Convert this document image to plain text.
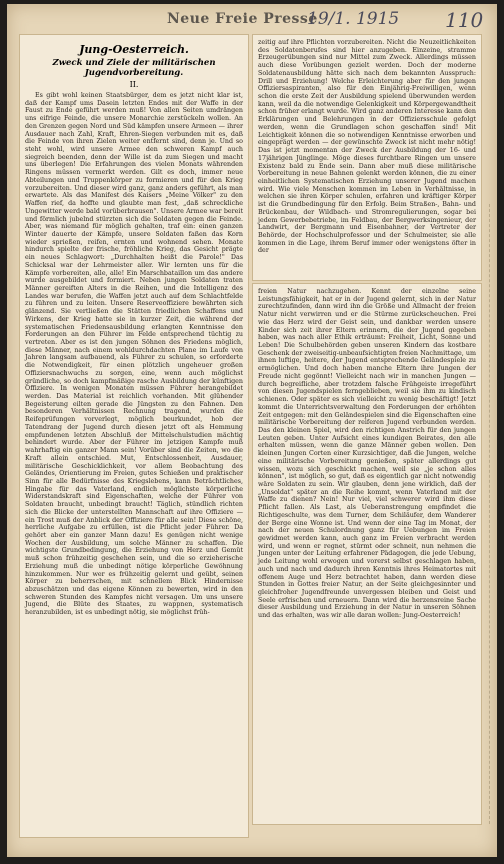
Neue Freie Presse
19/1. 1915 110
Jung-Oesterreich.
Zweck und Ziele der militärischen Jugendvorbereitung.
II.

Es gibt wohl keinen Staatsbürger, dem es jetzt nicht klar ist, daß der Kampf ums Dasein letzten Endes mit der Waffe in der Faust zu Ende geführt werden muß! Von allen Seiten umdrängen uns eifrige Feinde, die unsere Monarchie zerstückeln wollen. An den Grenzen gegen Nord und Süd kämpfen unsere Armeen — ihrer Ausdauer nach Zahl, Kraft, Ehren-Siegen verbunden mit es, daß die Feinde von ihren Zielen weiter entfernt sind, denn je. Und so steht wohl, wird unsere Armee den schweren Kampf auch siegreich beenden, denn der Wille ist da zum Siegen und macht uns überlegen! Die Erfahrungen des vielen Monats währenden Ringens müssen vermerkt werden. Gilt es doch, immer neue Abteilungen und Truppenkörper zu formieren und für den Krieg vorzubereiten. Und dieser wird ganz, ganz anders geführt, als man erwartete. Als das Manifest des Kaisers „Meine Völker" zu den Waffen rief, da hoffte und glaubte man fest, „daß schreckliche Ungewitter werde bald vorüberbrausen". Unsere Armee war bereit und förmlich jubelnd stürzten sich die Soldaten gegen die Feinde. Aber, was niemand für möglich gehalten, traf ein: einen ganzen Winter dauerte der Kämpfe, unsere Soldaten faßen das Korn wieder sprießen, reifen, ernten und wohnend sehen. Monate hindurch spielte der frische, fröhliche Krieg, das Gesicht prägte ein neues Schlagwort: „Durchhalten heißt die Parole!" Das Schicksal war der Lehrmeister aller. Wir lernten uns für die Kämpfe vorbereiten, alle, alle! Ein Marschbataillon um das andere wurde ausgebildet und formiert. Neben jungen Soldaten traten Männer gereiften Alters in die Reihen, und die Intelligenz des Landes war berufen, die Waffen jetzt auch auf dem Schlachtfelde zu führen und zu leiten. Unsere Reserveoffiziere bewährten sich glänzend. Sie vertließen die Stätten friedlichen Schaffens und Wirkens, der Krieg hatte sie in kurzer Zeit, die während der systematischen Friedensausbildung erlangten Kenntnisse den Forderungen an den Führer im Felde entsprechend tüchtig zu vertreten. Aber es ist den jungen Söhnen des Friedens möglich, diese Männer, nach einem wohldurchdachten Plane im Laufe von Jahren langsam aufbauend, als Führer zu schulen, so erforderte die Notwendigkeit, für einen plötzlich ungeheuer großen Offiziersnachwuchs zu sorgen, eine, wenn auch möglichst gründliche, so doch kampfmäßige rasche Ausbildung der künftigen Offiziere. In wenigen Monaten müssen Führer herangebildet werden. Das Material ist reichlich vorhanden. Mit glühender Begeisterung eilten gerade die Jüngsten zu den Fahnen. Den besonderen Verhältnissen Rechnung tragend, wurden die Reifeprüfungen vorverlegt, möglich beurkundet, hob der Tatendrang der Jugend durch diesen jetzt oft als Hemmung empfundenen letzten Abschluß der Mittelschulstudien mächtig behindert wurde. Aber der Führer im jetzigen Kampfe muß wahrhaftig ein ganzer Mann sein! Vorüber sind die Zeiten, wo die Kraft allein entschied. Mut, Entschlossenheit, Ausdauer, militärische Geschicklichkeit, vor allem Beobachtung des Geländes, Orientierung im Freien, gutes Schießen und praktischer Sinn für alle Bedürfnisse des Kriegslebens, kann Beträchtliches, Hingabe für das Vaterland, endlich möglichste körperliche Widerstandskraft sind Eigenschaften, welche der Führer von Soldaten braucht, unbedingt braucht! Täglich, stündlich richten sich die Blicke der unterstellten Mannschaft auf ihre Offiziere — ein Trost muß der Anblick der Offiziere für alle sein! Diese schöne, herrliche Aufgabe zu erfüllen, ist die Pflicht jeder Führer. Da gehört aber ein ganzer Mann dazu! Es genügen nicht wenige Wochen der Ausbildung, um solche Männer zu schaffen. Die wichtigste Grundbedingung, die Erziehung von Herz und Gemüt muß schon frühzeitig geschehen sein, und die so erzieherische Erziehung muß die unbedingt nötige körperliche Gewöhnung hinzukommen. Nur wer es frühzeitig gelernt und geübt, seinen Körper zu beherrschen, mit schnellem Blick Hindernisse abzuschätzen und das eigene Können zu bewerten, wird in den schweren Stunden des Kampfes nicht versagen. Um uns unsere Jugend, die Blüte des Staates, zu wappnen, systematisch heranzubilden, ist es unbedingt nötig, sie möglichst früh-

zeitig auf ihre Pflichten vorzubereiten. Nicht die Neuzeitlichkeiten des Soldatenberufes sind hier anzugeben. Einzeine, stramme Erzeugerübungen sind nur Mittel zum Zweck. Allerdings müssen auch diese Vorübungen gezielt werden. Doch der moderne Soldatenausbildung hätte sich nach dem bekannten Ausspruch: Drill und Erziehung! Welche Erleichterung aber für den jungen Offiziersaspiranten, also für den Einjährig-Freiwilligen, wenn schon die erste Zeit der Ausbildung spielend überwunden werden kann, weil da die notwendige Gelenkigkeit und Körpergewandtheit schon früher erlangt wurde. Wird ganz anderen Interesse kann den Erklärungen und Belehrungen in der Offiziersschule gefolgt werden, wenn die Grundlagen schon geschaffen sind! Mit Leichtigkeit können die so notwendigen Kenntnisse erworben und eingeprägt werden — der gewünschte Zweck ist nicht mehr nötig! Das ist jetzt momentan der Zweck der Ausbildung der 16- und 17jährigen Jünglinge. Möge dieses furchtbare Ringen um unsere Existenz bald zu Ende sein. Dann aber muß diese militärische Vorbereitung in neue Bahnen gelenkt werden können, die zu einer einheitlichen Systematischen Erziehung unserer Jugend machen wird. Wie viele Menschen kommen im Leben in Verhältnisse, in welchen sie ihren Körper schulen, erfahren und kräftiger Körper ist die Grundbedingung für den Erfolg. Beim Straßen-, Bahn- und Brückenbau, der Wildbach- und Stromregulierungen, sogar bei jedem Gewerbebetriebe, im Feldbau, der Bergwerksingenieur, der Landwirt, der Bergmann und Eisenbahner, der Vertreter der Behörde, der Hochschulprofessor und der Schulmeister, sie alle kommen in die Lage, ihrem Beruf immer oder wenigstens öfter in der

freien Natur nachzugehen. Kennt der einzelne seine Leistungsfähigkeit, hat er in der Jugend gelernt, sich in der Natur zurechtzufinden, dann wird ihn die Größe und Allmacht der freien Natur nicht verwirren und er die Stürme zurückscheuchen. Frei wie das Herz wird der Geist sein, und dankbar werden unsere Kinder sich zeit ihrer Eltern erinnern, die der Jugend gegeben haben, was nach aller Ethik erträumt: Freiheit, Licht, Sonne und Leben! Die Schulbehörden geben unseren Kindern das kostbare Geschenk der zweiseitig-unbeaufsichtigten freien Nachmittage, um ihnen luftige, heitere, der Jugend entsprechende Geländespiele zu ermöglichen. Und doch haben manche Eltern ihre Jungen der Freude nicht gegönnt! Vielleicht nach wir in manchen Jungen — durch begreifliche, aber trotzdem falsche Frühgeiste irregeführt von diesen Jugendspielen ferngeblieben, weil sie ihm zu kindisch schienen. Oder später es sich vielleicht zu wenig beschäftigt! Jetzt kommt die Unterrichtsverwaltung den Forderungen der erhöhten Zeit entgegen: mit den Geländespielen sind die Eigenschaften eine militärische Vorbereitung der reiferen Jugend verbunden werden. Das den kleinen Spiel, wird den richtigen Anstrich für den jungen Leuten geben. Unter Aufsicht eines kundigen Beirates, den alle erhalten müssen, wenn die ganze Männer geben wollen. Den kleinen Jungen Corten einer Kurzsichtiger, daß die Jungen, welche eine militärische Vorbereitung genießen, später allerdings gut wissen, wozu sich geschickt machen, weil sie „je schon alles können", ist möglich, so gut, daß es eigentlich gar nicht notwendig wäre Soldaten zu sein. Wir glauben, denn jene wirklich, daß der „Unsoldat" später an die Reihe kommt, wenn Vaterland mit der Waffe zu dienen? Nein! Nur viel, viel schwerer wird ihm diese Pflicht fallen. Als Last, als Ueberanstrengung empfindet die Richtigeschulte, was dem Turner, dem Schiläufer, dem Wanderer der Berge eine Wonne ist. Und wenn der eine Tag im Monat, der nach der neuen Schulordnung ganz für Uebungen im Freien gewidmet werden kann, auch ganz im Freien verbracht werden wird, und wenn er regnet, stürmt oder schneit, nun nehmen die Jungen unter der Leitung erfahrener Pädagogen, die jede Uebung, jede Leitung wohl erwogen und vorerst selbst geschlagen haben, auch und nach und dadurch ihren Kenntnis ihres Heimatortes mit offenem Auge und Herz betrachtet haben, dann werden diese Stunden in Gottes freier Natur, an der Seite gleichgesinnter und gleichfroher Jugendfreunde unvergessen bleiben und Geist und Seele erfrischen und erneuern. Dann wird die herzensreine Sache dieser Ausbildung und Erziehung in der Natur in unseren Söhnen und das erhalten, was wir alle daran wollen: Jung-Oesterreich!
